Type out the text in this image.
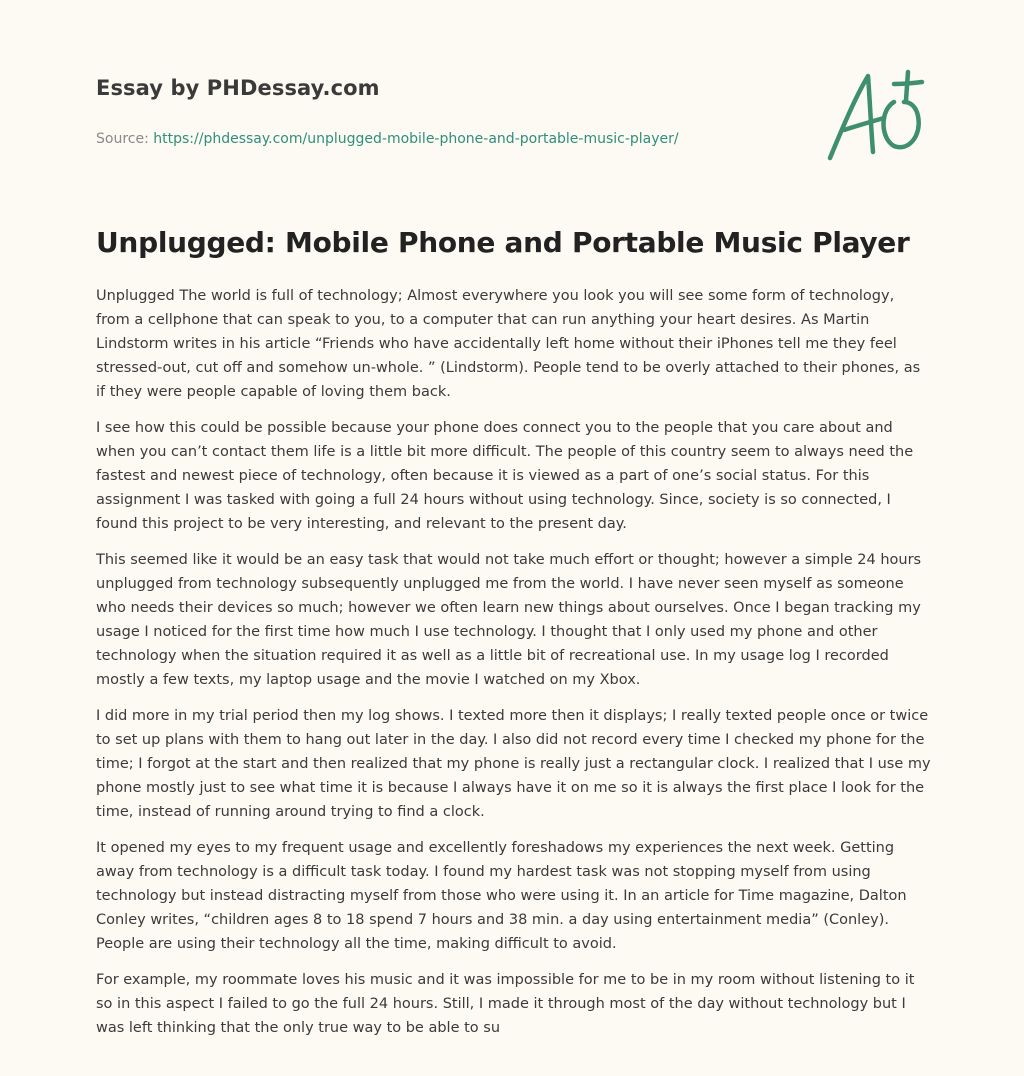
Essay by PHDessay.com
Source: https://phdessay.com/unplugged-mobile-phone-and-portable-music-player/
Unplugged: Mobile Phone and Portable Music Player

Unplugged The world is full of technology; Almost everywhere you look you will see some form of technology, from a cellphone that can speak to you, to a computer that can run anything your heart desires. As Martin Lindstorm writes in his article “Friends who have accidentally left home without their iPhones tell me they feel stressed-out, cut off and somehow un-whole. ” (Lindstorm). People tend to be overly attached to their phones, as if they were people capable of loving them back.

I see how this could be possible because your phone does connect you to the people that you care about and when you can’t contact them life is a little bit more difficult. The people of this country seem to always need the fastest and newest piece of technology, often because it is viewed as a part of one’s social status. For this assignment I was tasked with going a full 24 hours without using technology. Since, society is so connected, I found this project to be very interesting, and relevant to the present day.

This seemed like it would be an easy task that would not take much effort or thought; however a simple 24 hours unplugged from technology subsequently unplugged me from the world. I have never seen myself as someone who needs their devices so much; however we often learn new things about ourselves. Once I began tracking my usage I noticed for the first time how much I use technology. I thought that I only used my phone and other technology when the situation required it as well as a little bit of recreational use. In my usage log I recorded mostly a few texts, my laptop usage and the movie I watched on my Xbox.

I did more in my trial period then my log shows. I texted more then it displays; I really texted people once or twice to set up plans with them to hang out later in the day. I also did not record every time I checked my phone for the time; I forgot at the start and then realized that my phone is really just a rectangular clock. I realized that I use my phone mostly just to see what time it is because I always have it on me so it is always the first place I look for the time, instead of running around trying to find a clock.

It opened my eyes to my frequent usage and excellently foreshadows my experiences the next week. Getting away from technology is a difficult task today. I found my hardest task was not stopping myself from using technology but instead distracting myself from those who were using it. In an article for Time magazine, Dalton Conley writes, “children ages 8 to 18 spend 7 hours and 38 min. a day using entertainment media” (Conley). People are using their technology all the time, making difficult to avoid.

For example, my roommate loves his music and it was impossible for me to be in my room without listening to it so in this aspect I failed to go the full 24 hours. Still, I made it through most of the day without technology but I was left thinking that the only true way to be able to su
